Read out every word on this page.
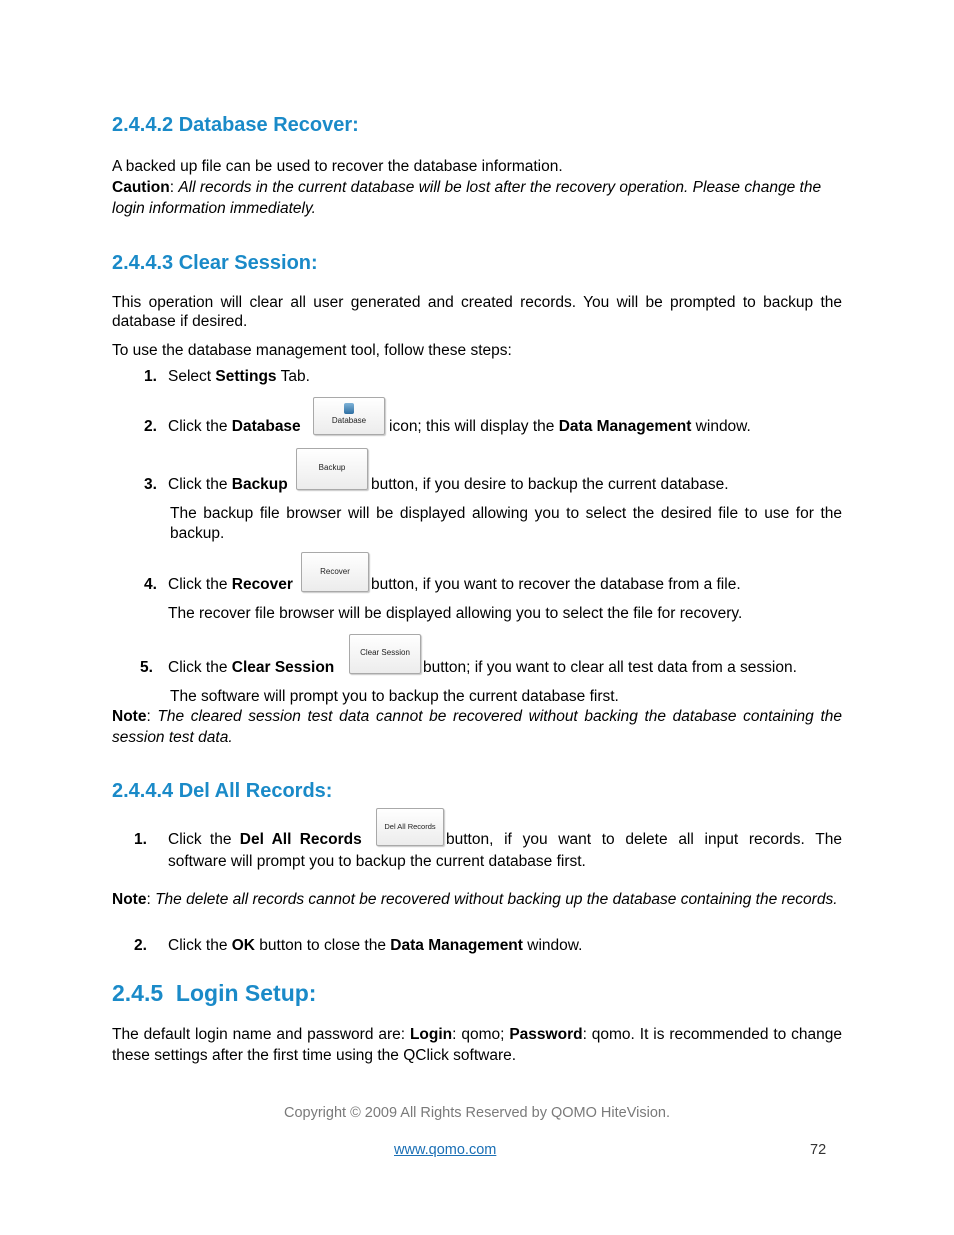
2.4.4.2 Database Recover:
A backed up file can be used to recover the database information.
Caution: All records in the current database will be lost after the recovery operation. Please change the login information immediately.
2.4.4.3 Clear Session:
This operation will clear all user generated and created records. You will be prompted to backup the database if desired.
To use the database management tool, follow these steps:
1. Select Settings Tab.
2. Click the Database	Database	icon; this will display the Data Management window.
3. Click the Backup
Backup
button, if you desire to backup the current database.
The backup file browser will be displayed allowing you to select the desired file to use for the backup.
4. Click the Recover
Recover
button, if you want to recover the database from a file.
The recover file browser will be displayed allowing you to select the file for recovery.
5. Click the Clear Session
Clear Session
button; if you want to clear all test data from a session.
The software will prompt you to backup the current database first.
Note: The cleared session test data cannot be recovered without backing the database containing the session test data.
2.4.4.4 Del All Records:
1. Click the Del All Records
Del All Records
button, if you want to delete all input records. The
software will prompt you to backup the current database first.
Note: The delete all records cannot be recovered without backing up the database containing the records.
2. Click the OK button to close the Data Management window.
2.4.5  Login Setup:
The default login name and password are: Login: qomo; Password: qomo. It is recommended to change these settings after the first time using the QClick software.
Copyright © 2009 All Rights Reserved by QOMO HiteVision.
www.qomo.com	72
